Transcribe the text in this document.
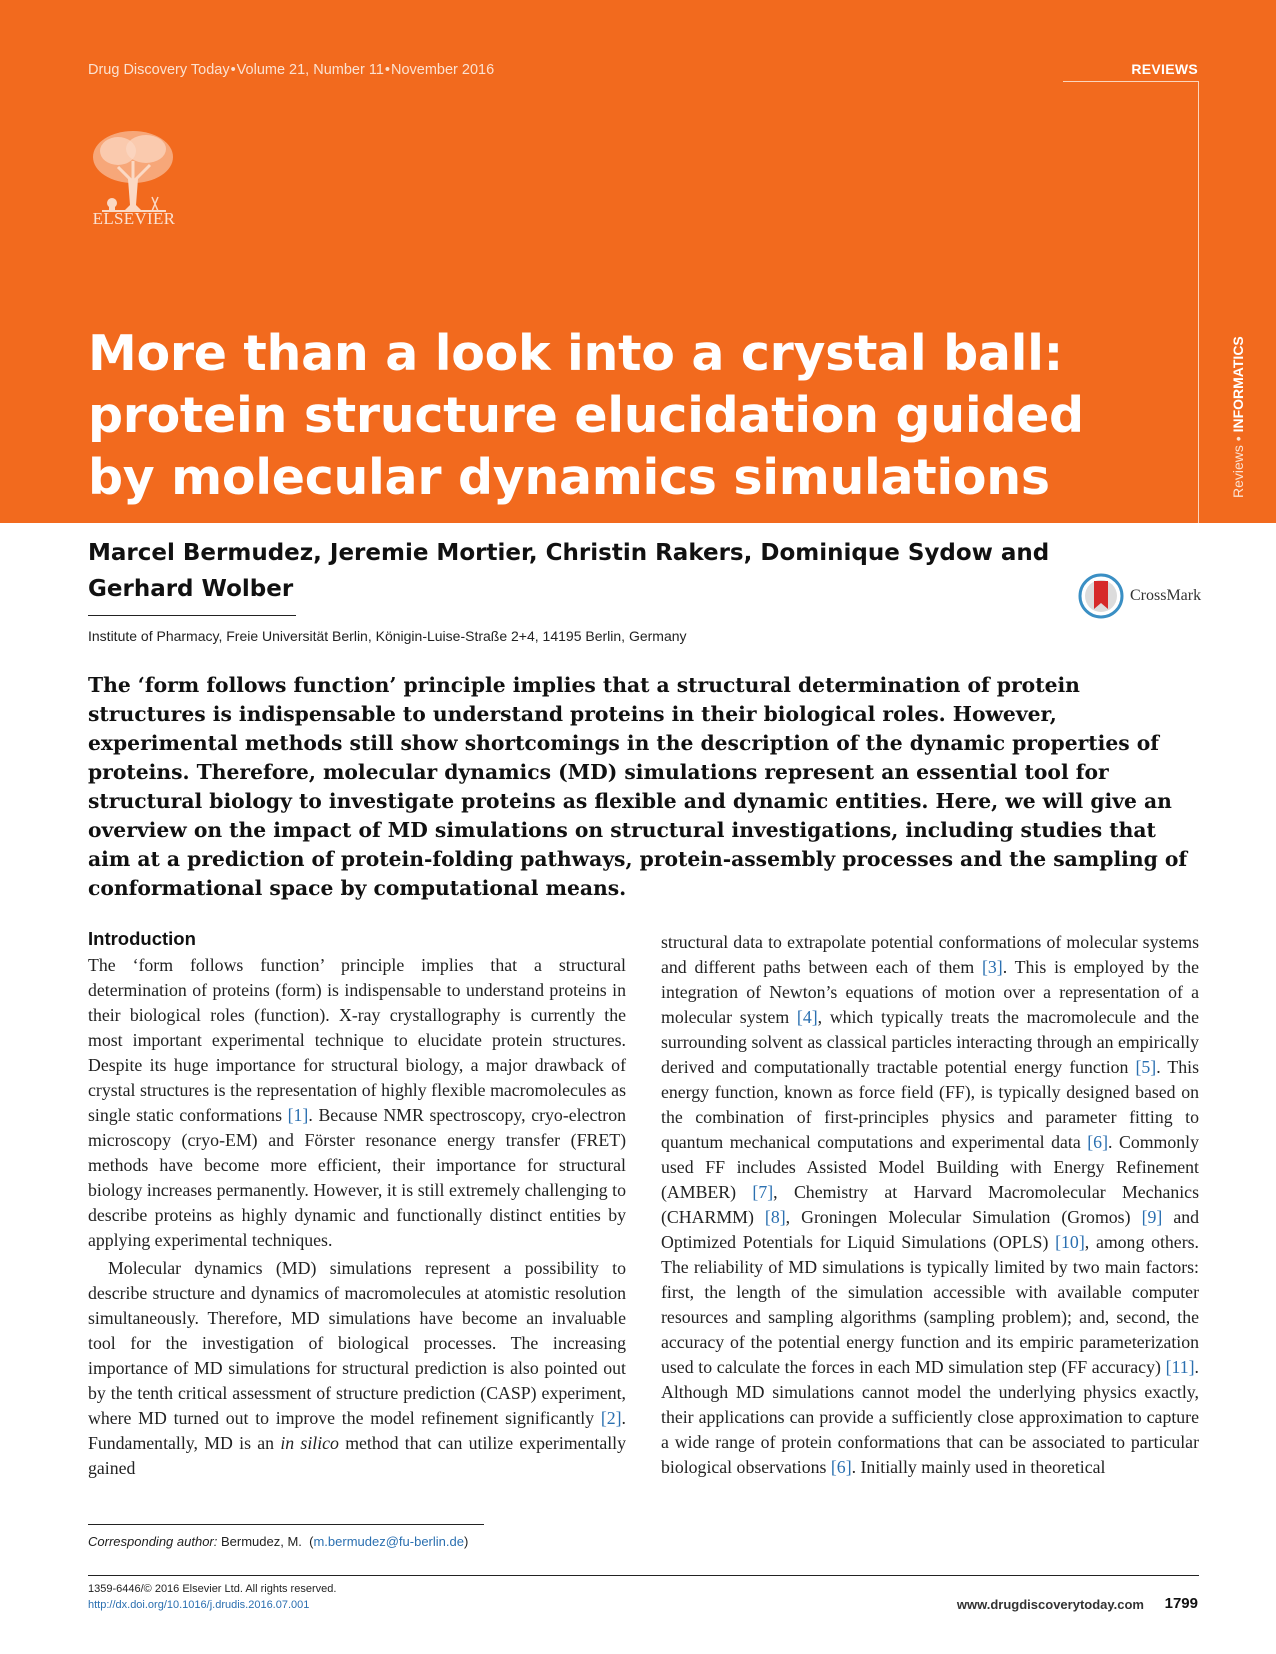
Drug Discovery Today•Volume 21, Number 11•November 2016	REVIEWS
ELSEVIER
More than a look into a crystal ball: protein structure elucidation guided by molecular dynamics simulations	Reviews • INFORMATICS
Marcel Bermudez, Jeremie Mortier, Christin Rakers, Dominique Sydow and Gerhard Wolber
Institute of Pharmacy, Freie Universität Berlin, Königin-Luise-Straße 2+4, 14195 Berlin, Germany
CrossMark

The ‘form follows function’ principle implies that a structural determination of protein structures is indispensable to understand proteins in their biological roles. However, experimental methods still show shortcomings in the description of the dynamic properties of proteins. Therefore, molecular dynamics (MD) simulations represent an essential tool for structural biology to investigate proteins as flexible and dynamic entities. Here, we will give an overview on the impact of MD simulations on structural investigations, including studies that aim at a prediction of protein-folding pathways, protein-assembly processes and the sampling of conformational space by computational means.

Introduction

The ‘form follows function’ principle implies that a structural determination of proteins (form) is indispensable to understand proteins in their biological roles (function). X-ray crystallography is currently the most important experimental technique to elucidate protein structures. Despite its huge importance for structural biology, a major drawback of crystal structures is the representation of highly flexible macromolecules as single static conformations [1]. Because NMR spectroscopy, cryo-electron microscopy (cryo-EM) and Förster resonance energy transfer (FRET) methods have become more efficient, their importance for structural biology increases permanently. However, it is still extremely challenging to describe proteins as highly dynamic and functionally distinct entities by applying experimental techniques.

Molecular dynamics (MD) simulations represent a possibility to describe structure and dynamics of macromolecules at atomistic resolution simultaneously. Therefore, MD simulations have become an invaluable tool for the investigation of biological processes. The increasing importance of MD simulations for structural prediction is also pointed out by the tenth critical assessment of structure prediction (CASP) experiment, where MD turned out to improve the model refinement significantly [2]. Fundamentally, MD is an in silico method that can utilize experimentally gained

structural data to extrapolate potential conformations of molecular systems and different paths between each of them [3]. This is employed by the integration of Newton’s equations of motion over a representation of a molecular system [4], which typically treats the macromolecule and the surrounding solvent as classical particles interacting through an empirically derived and computationally tractable potential energy function [5]. This energy function, known as force field (FF), is typically designed based on the combination of first-principles physics and parameter fitting to quantum mechanical computations and experimental data [6]. Commonly used FF includes Assisted Model Building with Energy Refinement (AMBER) [7], Chemistry at Harvard Macromolecular Mechanics (CHARMM) [8], Groningen Molecular Simulation (Gromos) [9] and Optimized Potentials for Liquid Simulations (OPLS) [10], among others. The reliability of MD simulations is typically limited by two main factors: first, the length of the simulation accessible with available computer resources and sampling algorithms (sampling problem); and, second, the accuracy of the potential energy function and its empiric parameterization used to calculate the forces in each MD simulation step (FF accuracy) [11]. Although MD simulations cannot model the underlying physics exactly, their applications can provide a sufficiently close approximation to capture a wide range of protein conformations that can be associated to particular biological observations [6]. Initially mainly used in theoretical

Corresponding author: Bermudez, M.  (m.bermudez@fu-berlin.de)
1359-6446/© 2016 Elsevier Ltd. All rights reserved.
http://dx.doi.org/10.1016/j.drudis.2016.07.001	www.drugdiscoverytoday.com 1799
